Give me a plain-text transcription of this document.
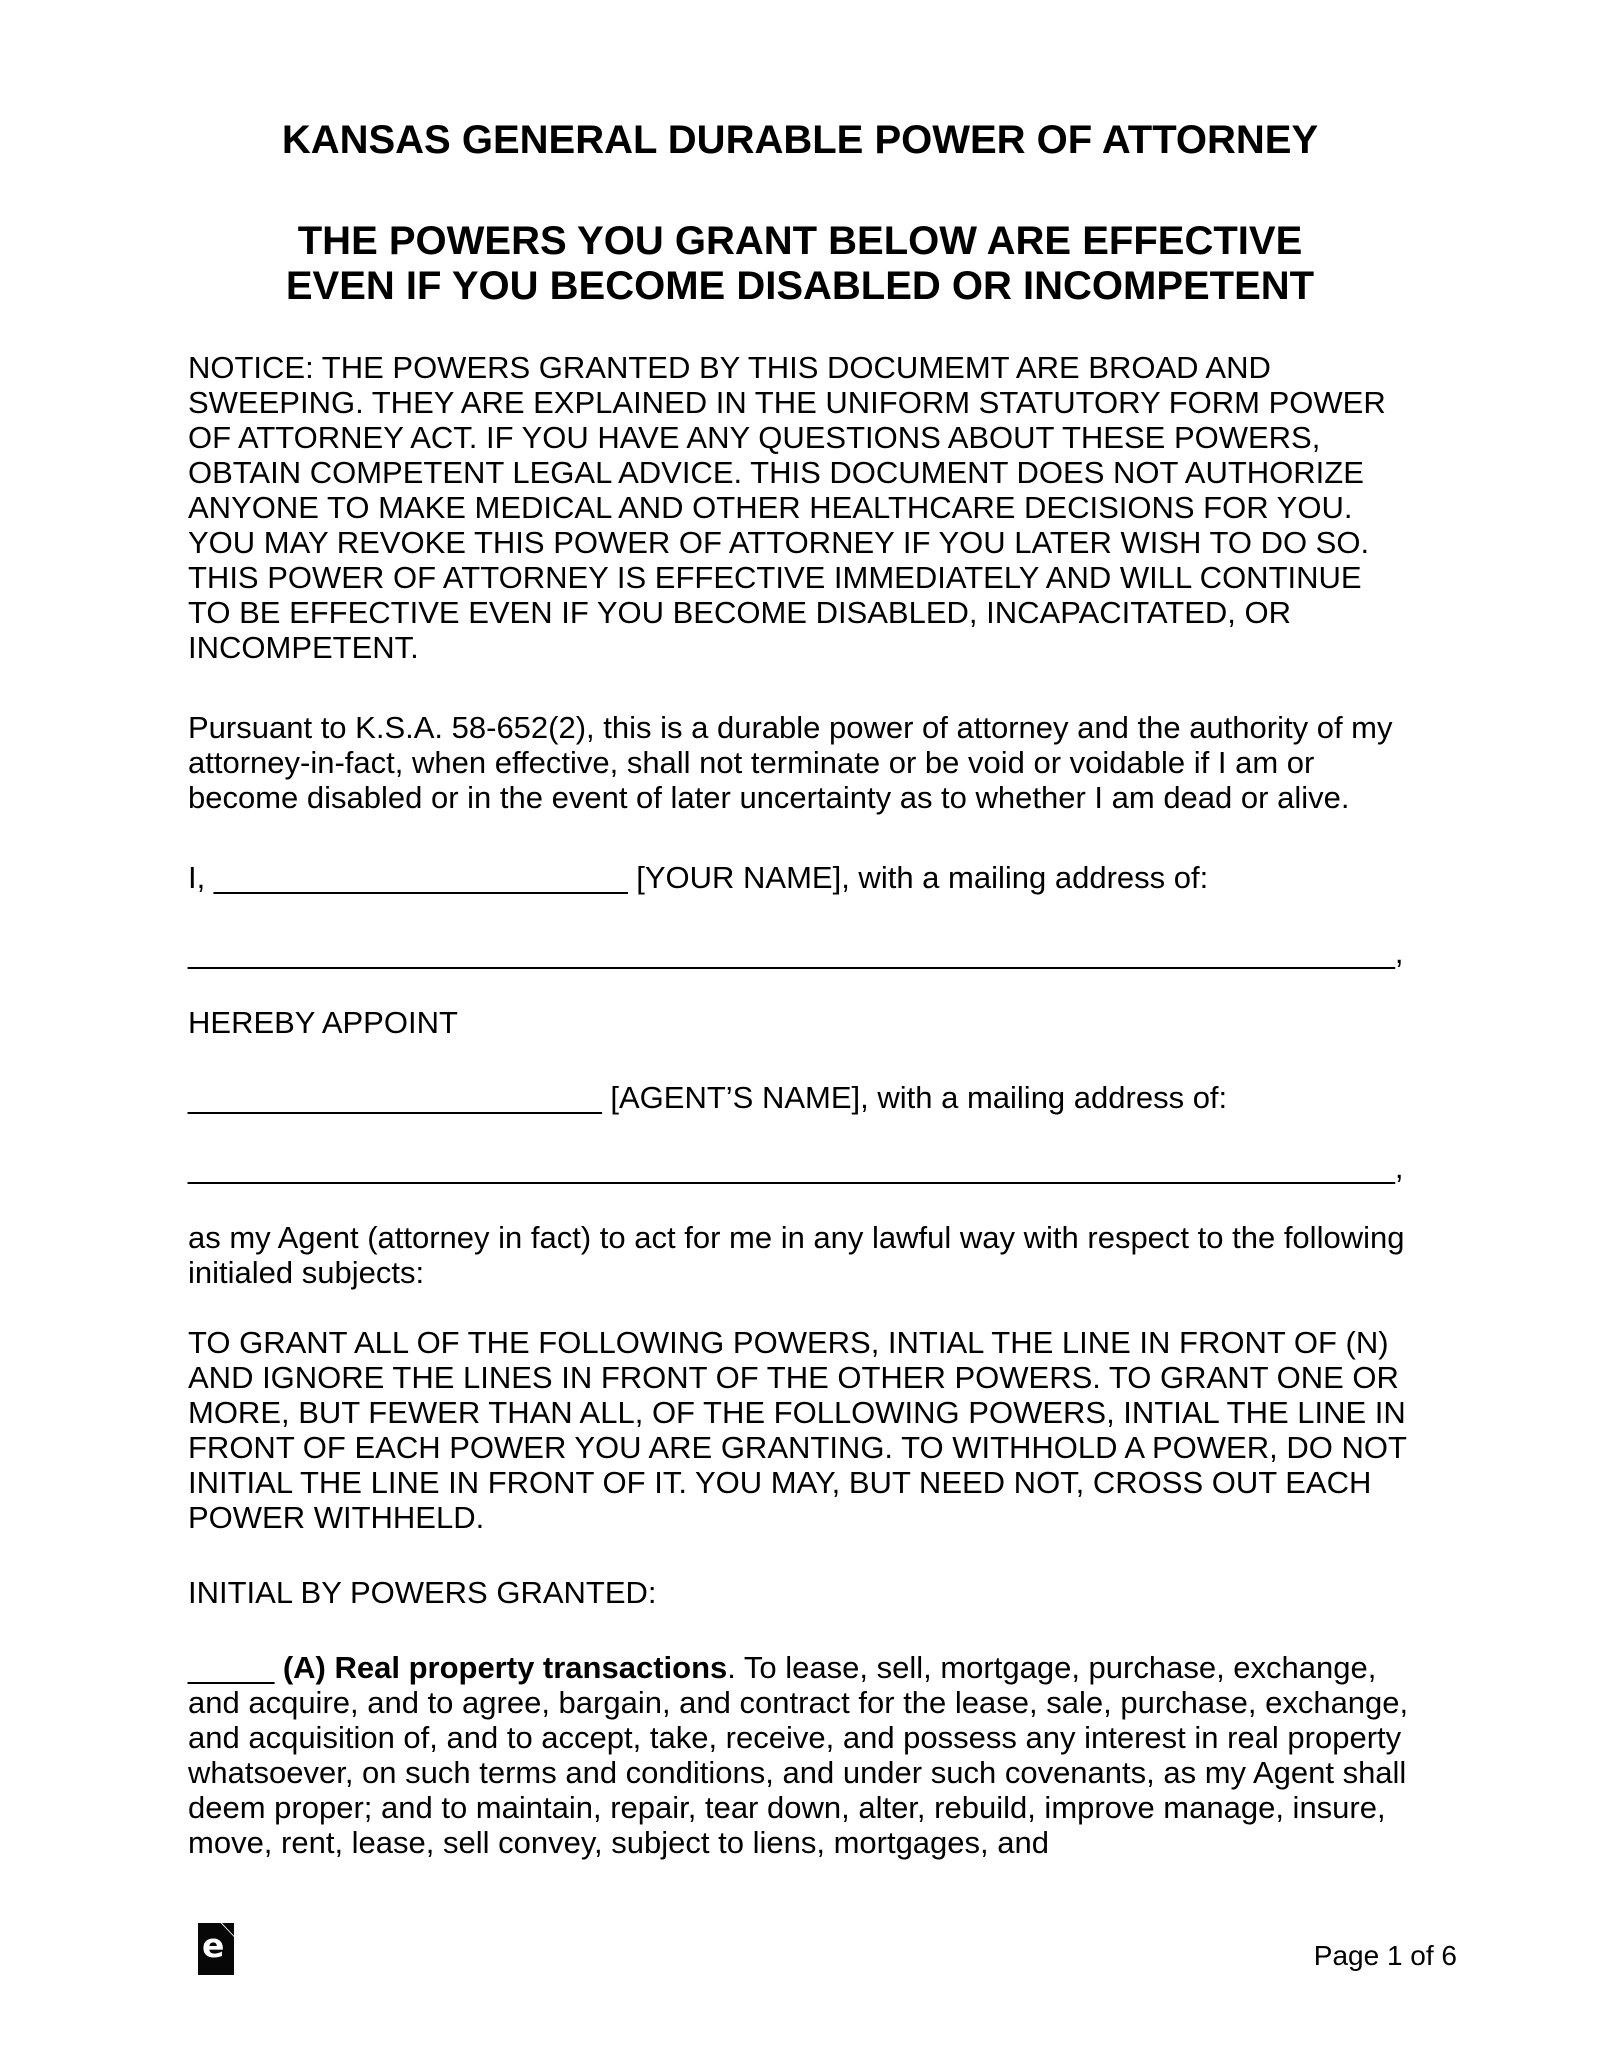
KANSAS GENERAL DURABLE POWER OF ATTORNEY
THE POWERS YOU GRANT BELOW ARE EFFECTIVE
EVEN IF YOU BECOME DISABLED OR INCOMPETENT

NOTICE: THE POWERS GRANTED BY THIS DOCUMEMT ARE BROAD AND SWEEPING. THEY ARE EXPLAINED IN THE UNIFORM STATUTORY FORM POWER OF ATTORNEY ACT. IF YOU HAVE ANY QUESTIONS ABOUT THESE POWERS, OBTAIN COMPETENT LEGAL ADVICE. THIS DOCUMENT DOES NOT AUTHORIZE ANYONE TO MAKE MEDICAL AND OTHER HEALTHCARE DECISIONS FOR YOU. YOU MAY REVOKE THIS POWER OF ATTORNEY IF YOU LATER WISH TO DO SO. THIS POWER OF ATTORNEY IS EFFECTIVE IMMEDIATELY AND WILL CONTINUE TO BE EFFECTIVE EVEN IF YOU BECOME DISABLED, INCAPACITATED, OR INCOMPETENT.

Pursuant to K.S.A. 58-652(2), this is a durable power of attorney and the authority of my attorney-in-fact, when effective, shall not terminate or be void or voidable if I am or become disabled or in the event of later uncertainty as to whether I am dead or alive.

I, ________________________ [YOUR NAME], with a mailing address of:

______________________________________________________________________,

HEREBY APPOINT

________________________ [AGENT’S NAME], with a mailing address of:

______________________________________________________________________,

as my Agent (attorney in fact) to act for me in any lawful way with respect to the following initialed subjects:

TO GRANT ALL OF THE FOLLOWING POWERS, INTIAL THE LINE IN FRONT OF (N) AND IGNORE THE LINES IN FRONT OF THE OTHER POWERS. TO GRANT ONE OR MORE, BUT FEWER THAN ALL, OF THE FOLLOWING POWERS, INTIAL THE LINE IN FRONT OF EACH POWER YOU ARE GRANTING. TO WITHHOLD A POWER, DO NOT INITIAL THE LINE IN FRONT OF IT. YOU MAY, BUT NEED NOT, CROSS OUT EACH POWER WITHHELD.

INITIAL BY POWERS GRANTED:

_____ (A) Real property transactions. To lease, sell, mortgage, purchase, exchange, and acquire, and to agree, bargain, and contract for the lease, sale, purchase, exchange, and acquisition of, and to accept, take, receive, and possess any interest in real property whatsoever, on such terms and conditions, and under such covenants, as my Agent shall deem proper; and to maintain, repair, tear down, alter, rebuild, improve manage, insure, move, rent, lease, sell convey, subject to liens, mortgages, and

e	Page 1 of 6
